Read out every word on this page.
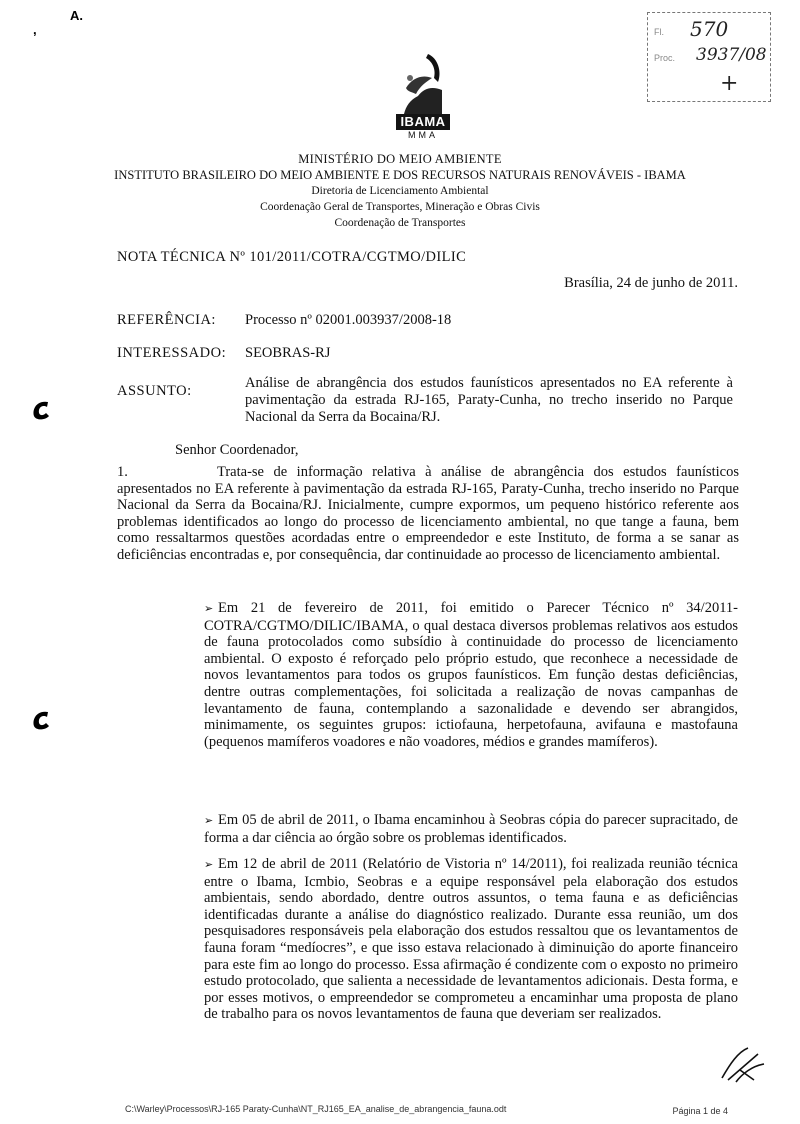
,
A.
IBAMA
MMA
Fl. 570
Proc. 3937/08
+
MINISTÉRIO DO MEIO AMBIENTE
INSTITUTO BRASILEIRO DO MEIO AMBIENTE E DOS RECURSOS NATURAIS RENOVÁVEIS - IBAMA
Diretoria de Licenciamento Ambiental
Coordenação Geral de Transportes, Mineração e Obras Civis
Coordenação de Transportes
NOTA TÉCNICA Nº 101/2011/COTRA/CGTMO/DILIC
Brasília, 24 de junho de 2011.
REFERÊNCIA: Processo nº 02001.003937/2008-18
INTERESSADO: SEOBRAS-RJ
ASSUNTO:	Análise de abrangência dos estudos faunísticos apresentados no EA referente à pavimentação da estrada RJ-165, Paraty-Cunha, no trecho inserido no Parque Nacional da Serra da Bocaina/RJ.
Senhor Coordenador,
1.	Trata-se de informação relativa à análise de abrangência dos estudos faunísticos apresentados no EA referente à pavimentação da estrada RJ-165, Paraty-Cunha, trecho inserido no Parque Nacional da Serra da Bocaina/RJ. Inicialmente, cumpre expormos, um pequeno histórico referente aos problemas identificados ao longo do processo de licenciamento ambiental, no que tange a fauna, bem como ressaltarmos questões acordadas entre o empreendedor e este Instituto, de forma a se sanar as deficiências encontradas e, por consequência, dar continuidade ao processo de licenciamento ambiental.
➢ Em 21 de fevereiro de 2011, foi emitido o Parecer Técnico nº 34/2011-COTRA/CGTMO/DILIC/IBAMA, o qual destaca diversos problemas relativos aos estudos de fauna protocolados como subsídio à continuidade do processo de licenciamento ambiental. O exposto é reforçado pelo próprio estudo, que reconhece a necessidade de novos levantamentos para todos os grupos faunísticos. Em função destas deficiências, dentre outras complementações, foi solicitada a realização de novas campanhas de levantamento de fauna, contemplando a sazonalidade e devendo ser abrangidos, minimamente, os seguintes grupos: ictiofauna, herpetofauna, avifauna e mastofauna (pequenos mamíferos voadores e não voadores, médios e grandes mamíferos).
➢ Em 05 de abril de 2011, o Ibama encaminhou à Seobras cópia do parecer supracitado, de forma a dar ciência ao órgão sobre os problemas identificados.
➢ Em 12 de abril de 2011 (Relatório de Vistoria nº 14/2011), foi realizada reunião técnica entre o Ibama, Icmbio, Seobras e a equipe responsável pela elaboração dos estudos ambientais, sendo abordado, dentre outros assuntos, o tema fauna e as deficiências identificadas durante a análise do diagnóstico realizado. Durante essa reunião, um dos pesquisadores responsáveis pela elaboração dos estudos ressaltou que os levantamentos de fauna foram “medíocres”, e que isso estava relacionado à diminuição do aporte financeiro para este fim ao longo do processo. Essa afirmação é condizente com o exposto no primeiro estudo protocolado, que salienta a necessidade de levantamentos adicionais. Desta forma, e por esses motivos, o empreendedor se comprometeu a encaminhar uma proposta de plano de trabalho para os novos levantamentos de fauna que deveriam ser realizados.
C:\Warley\Processos\RJ-165 Paraty-Cunha\NT_RJ165_EA_analise_de_abrangencia_fauna.odt	Página 1 de 4
